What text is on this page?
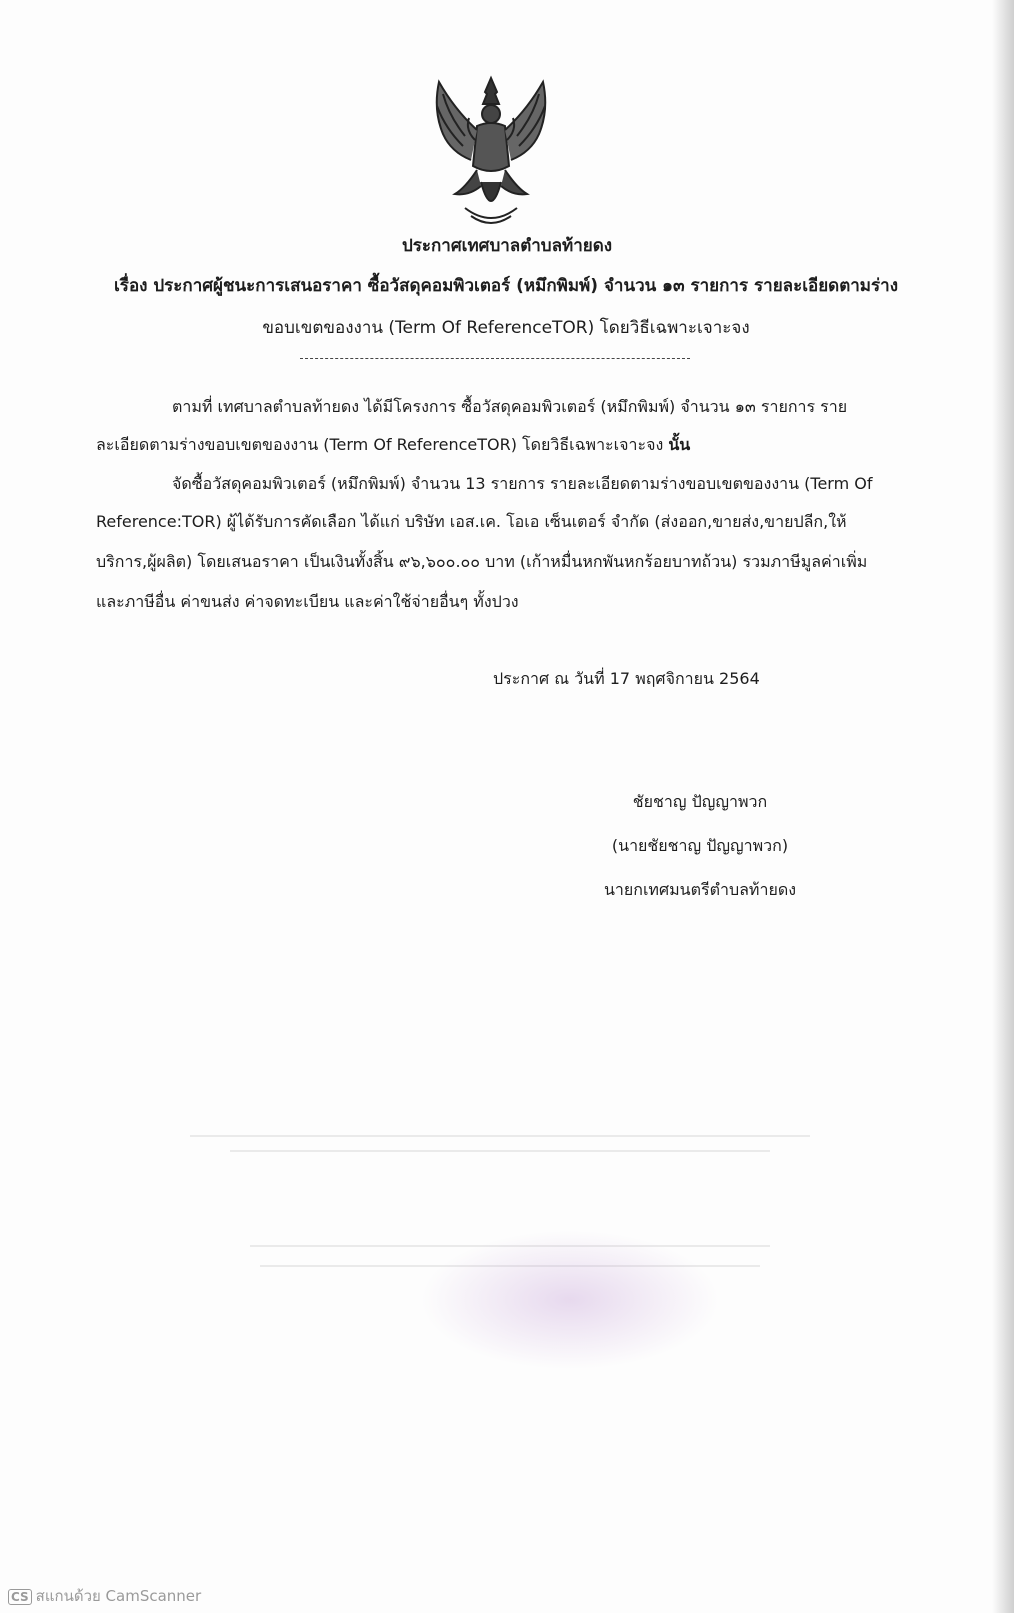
ประกาศเทศบาลตำบลท้ายดง
เรื่อง ประกาศผู้ชนะการเสนอราคา ซื้อวัสดุคอมพิวเตอร์ (หมึกพิมพ์) จำนวน ๑๓ รายการ รายละเอียดตามร่าง
ขอบเขตของงาน (Term Of ReferenceTOR) โดยวิธีเฉพาะเจาะจง
ตามที่ เทศบาลตำบลท้ายดง ได้มีโครงการ ซื้อวัสดุคอมพิวเตอร์ (หมึกพิมพ์) จำนวน ๑๓ รายการ ราย
ละเอียดตามร่างขอบเขตของงาน (Term Of ReferenceTOR) โดยวิธีเฉพาะเจาะจง นั้น
จัดซื้อวัสดุคอมพิวเตอร์ (หมึกพิมพ์) จำนวน 13 รายการ รายละเอียดตามร่างขอบเขตของงาน (Term Of
Reference:TOR) ผู้ได้รับการคัดเลือก ได้แก่ บริษัท เอส.เค. โอเอ เซ็นเตอร์ จำกัด (ส่งออก,ขายส่ง,ขายปลีก,ให้
บริการ,ผู้ผลิต) โดยเสนอราคา เป็นเงินทั้งสิ้น ๙๖,๖๐๐.๐๐ บาท (เก้าหมื่นหกพันหกร้อยบาทถ้วน) รวมภาษีมูลค่าเพิ่ม
และภาษีอื่น ค่าขนส่ง ค่าจดทะเบียน และค่าใช้จ่ายอื่นๆ ทั้งปวง
ประกาศ ณ วันที่ 17 พฤศจิกายน 2564
ชัยชาญ ปัญญาพวก
(นายชัยชาญ ปัญญาพวก)
นายกเทศมนตรีตำบลท้ายดง
CS สแกนด้วย CamScanner
